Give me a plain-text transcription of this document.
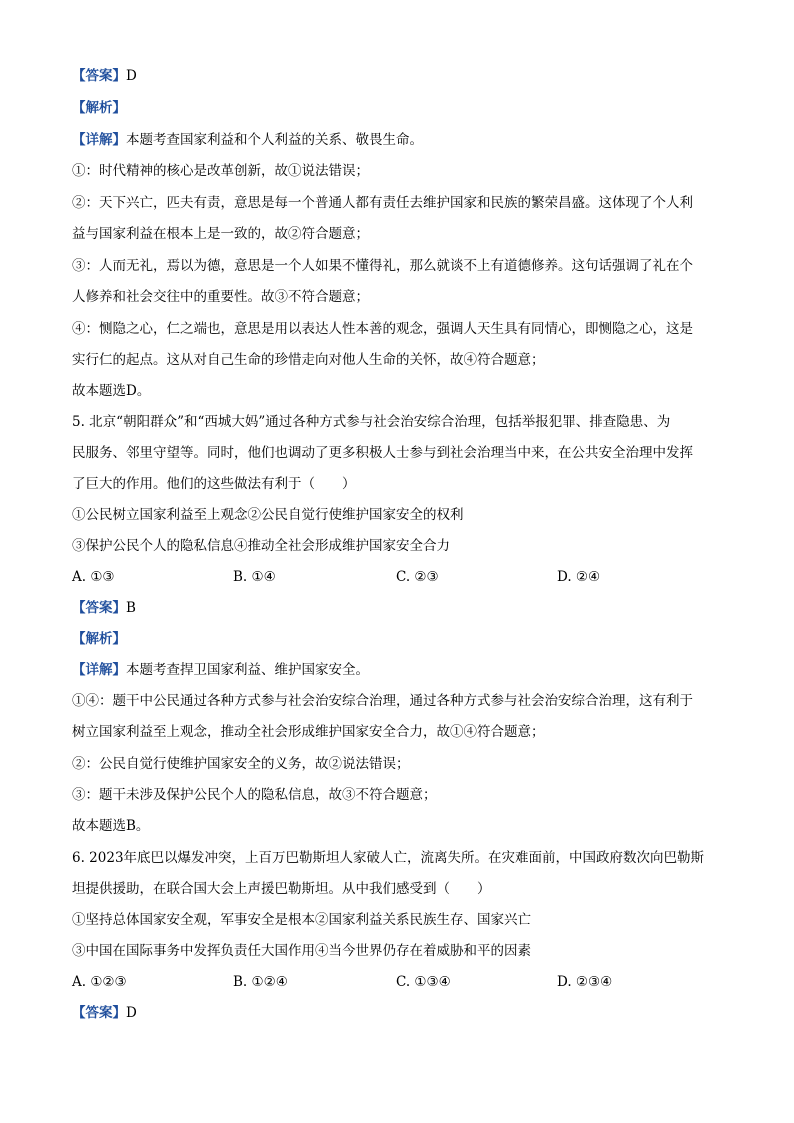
【答案】D
【解析】
【详解】本题考查国家利益和个人利益的关系、敬畏生命。
①：时代精神的核心是改革创新，故①说法错误；
②：天下兴亡，匹夫有责，意思是每一个普通人都有责任去维护国家和民族的繁荣昌盛。这体现了个人利
益与国家利益在根本上是一致的，故②符合题意；
③：人而无礼，焉以为德，意思是一个人如果不懂得礼，那么就谈不上有道德修养。这句话强调了礼在个
人修养和社会交往中的重要性。故③不符合题意；
④：恻隐之心，仁之端也，意思是用以表达人性本善的观念，强调人天生具有同情心，即恻隐之心，这是
实行仁的起点。这从对自己生命的珍惜走向对他人生命的关怀，故④符合题意；
故本题选D。
5. 北京“朝阳群众”和“西城大妈”通过各种方式参与社会治安综合治理，包括举报犯罪、排查隐患、为
民服务、邻里守望等。同时，他们也调动了更多积极人士参与到社会治理当中来，在公共安全治理中发挥
了巨大的作用。他们的这些做法有利于（　　）
①公民树立国家利益至上观念②公民自觉行使维护国家安全的权利
③保护公民个人的隐私信息④推动全社会形成维护国家安全合力
A. ①③	B. ①④	C. ②③	D. ②④
【答案】B
【解析】
【详解】本题考查捍卫国家利益、维护国家安全。
①④：题干中公民通过各种方式参与社会治安综合治理，通过各种方式参与社会治安综合治理，这有利于
树立国家利益至上观念，推动全社会形成维护国家安全合力，故①④符合题意；
②：公民自觉行使维护国家安全的义务，故②说法错误；
③：题干未涉及保护公民个人的隐私信息，故③不符合题意；
故本题选B。
6. 2023年底巴以爆发冲突，上百万巴勒斯坦人家破人亡，流离失所。在灾难面前，中国政府数次向巴勒斯
坦提供援助，在联合国大会上声援巴勒斯坦。从中我们感受到（　　）
①坚持总体国家安全观，军事安全是根本②国家利益关系民族生存、国家兴亡
③中国在国际事务中发挥负责任大国作用④当今世界仍存在着威胁和平的因素
A. ①②③	B. ①②④	C. ①③④	D. ②③④
【答案】D
